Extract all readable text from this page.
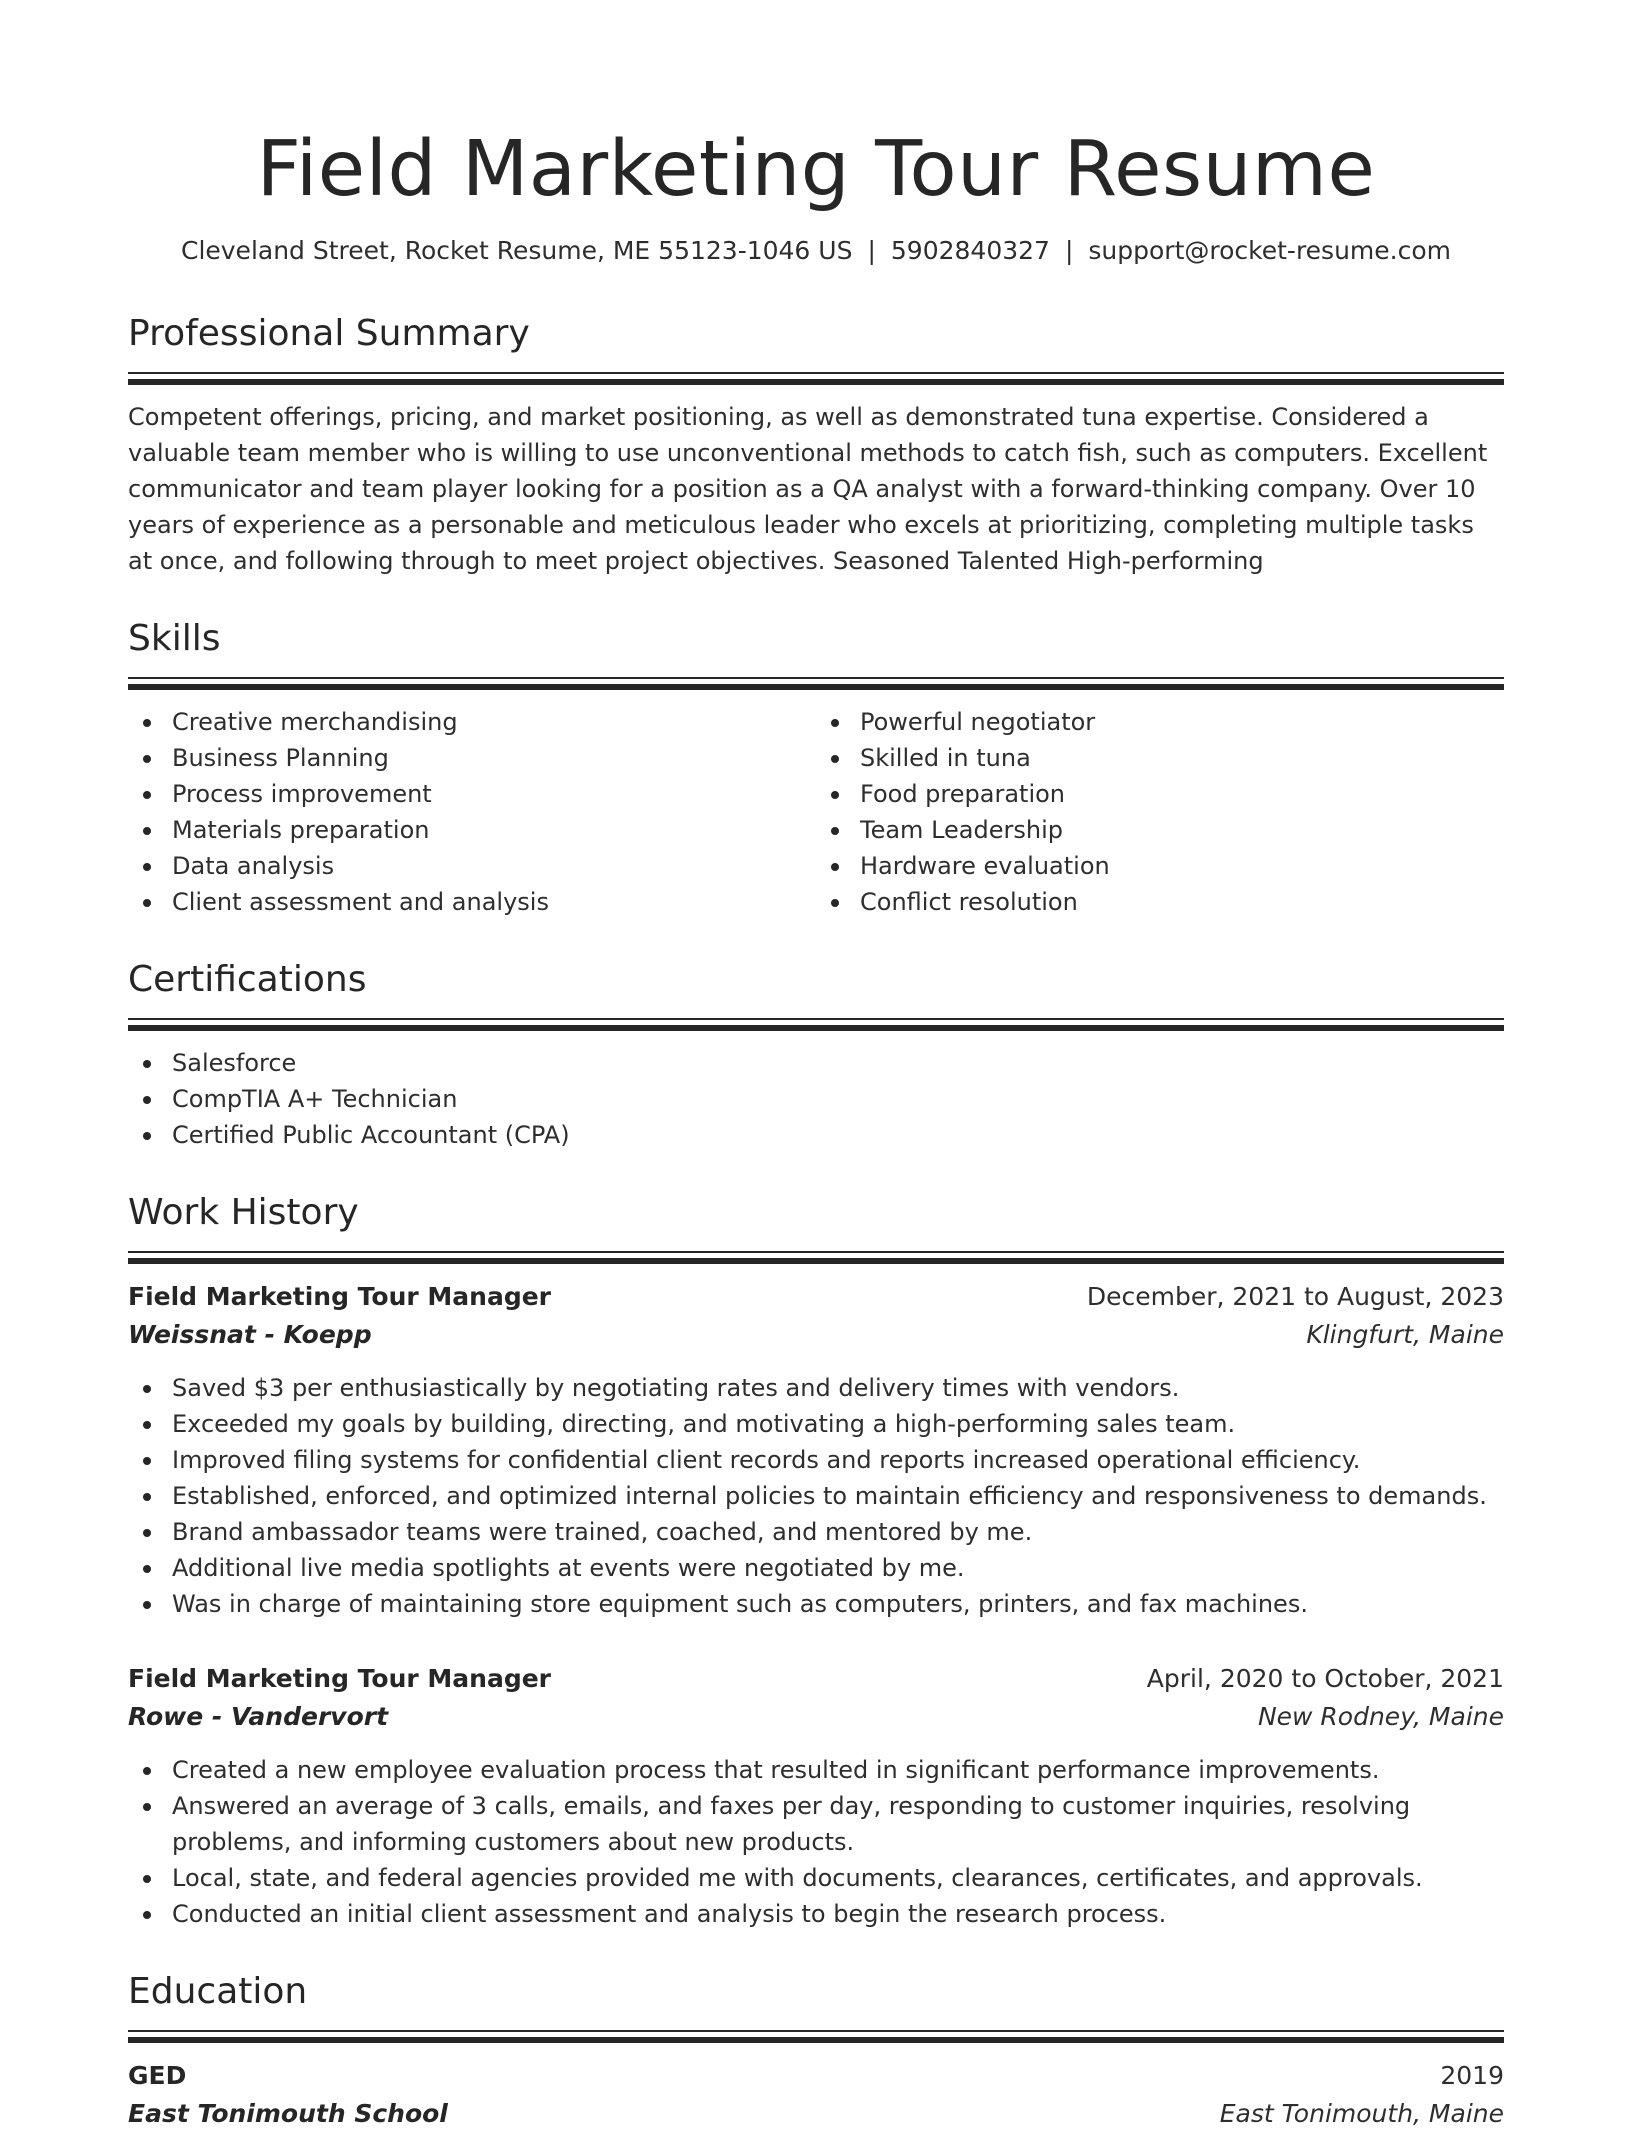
Field Marketing Tour Resume
Cleveland Street, Rocket Resume, ME 55123-1046 US | 5902840327 | support@rocket-resume.com
Professional Summary
Competent offerings, pricing, and market positioning, as well as demonstrated tuna expertise. Considered a valuable team member who is willing to use unconventional methods to catch fish, such as computers. Excellent communicator and team player looking for a position as a QA analyst with a forward-thinking company. Over 10 years of experience as a personable and meticulous leader who excels at prioritizing, completing multiple tasks at once, and following through to meet project objectives. Seasoned Talented High-performing
Skills
Creative merchandising
Business Planning
Process improvement
Materials preparation
Data analysis
Client assessment and analysis
Powerful negotiator
Skilled in tuna
Food preparation
Team Leadership
Hardware evaluation
Conflict resolution
Certifications
Salesforce
CompTIA A+ Technician
Certified Public Accountant (CPA)
Work History
Field Marketing Tour Manager	December, 2021 to August, 2023
Weissnat - Koepp	Klingfurt, Maine
Saved $3 per enthusiastically by negotiating rates and delivery times with vendors.
Exceeded my goals by building, directing, and motivating a high-performing sales team.
Improved filing systems for confidential client records and reports increased operational efficiency.
Established, enforced, and optimized internal policies to maintain efficiency and responsiveness to demands.
Brand ambassador teams were trained, coached, and mentored by me.
Additional live media spotlights at events were negotiated by me.
Was in charge of maintaining store equipment such as computers, printers, and fax machines.
Field Marketing Tour Manager	April, 2020 to October, 2021
Rowe - Vandervort	New Rodney, Maine
Created a new employee evaluation process that resulted in significant performance improvements.
Answered an average of 3 calls, emails, and faxes per day, responding to customer inquiries, resolving problems, and informing customers about new products.
Local, state, and federal agencies provided me with documents, clearances, certificates, and approvals.
Conducted an initial client assessment and analysis to begin the research process.
Education
GED	2019
East Tonimouth School	East Tonimouth, Maine
